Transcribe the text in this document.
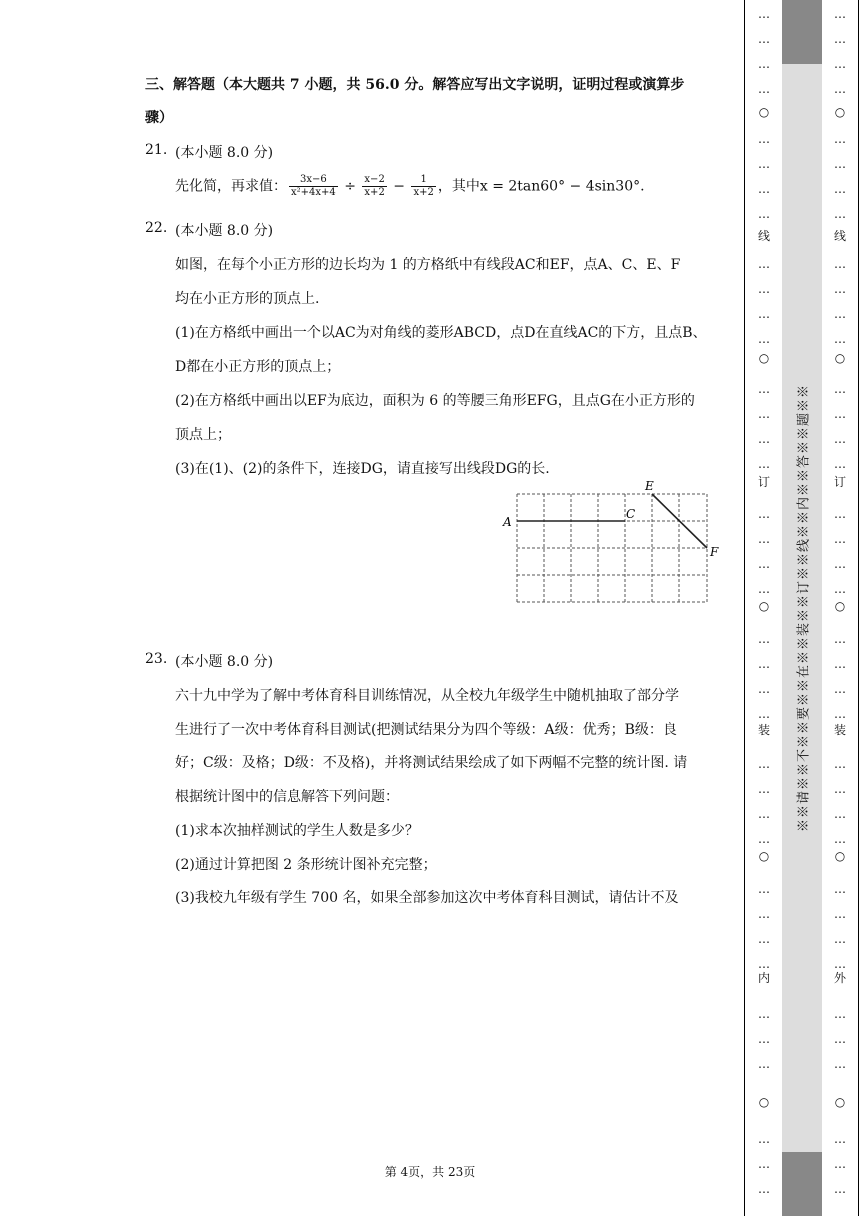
三、解答题（本大题共 7 小题，共 56.0 分。解答应写出文字说明，证明过程或演算步
骤）
21. (本小题 8.0 分)
先化简，再求值： $\frac{3x-6}{\text{x²+4x+4}} \div \frac{x-2}{x+2} - \frac{1}{x+2}$ ，其中x = 2tan60° − 4sin30°.
22. (本小题 8.0 分)
如图，在每个小正方形的边长均为 1 的方格纸中有线段AC和EF，点A、C、E、F
均在小正方形的顶点上.
(1)在方格纸中画出一个以AC为对角线的菱形ABCD，点D在直线AC的下方，且点B、
D都在小正方形的顶点上；
(2)在方格纸中画出以EF为底边，面积为 6 的等腰三角形EFG，且点G在小正方形的
顶点上；
(3)在(1)、(2)的条件下，连接DG，请直接写出线段DG的长.
23. (本小题 8.0 分)
六十九中学为了解中考体育科目训练情况，从全校九年级学生中随机抽取了部分学
生进行了一次中考体育科目测试(把测试结果分为四个等级：A级：优秀；B级：良
好；C级：及格；D级：不及格)，并将测试结果绘成了如下两幅不完整的统计图. 请
根据统计图中的信息解答下列问题：
(1)求本次抽样测试的学生人数是多少？
(2)通过计算把图 2 条形统计图补充完整；
(3)我校九年级有学生 700 名，如果全部参加这次中考体育科目测试，请估计不及
A
C
E
F
第 4页，共 23页
○
线
○
订
○
装
○
内
○
…
…
…
…
…
…
…
…
…
…
…
…
…
…
…
…
…
…
…
…
…
…
…
…
…
…
…
…
…
…
…
…
…
…
…
…
…
…
※※请※※不※※要※※在※※装※※订※※线※※内※※答※※题※※
○
线
○
订
○
装
○
外
○
…
…
…
…
…
…
…
…
…
…
…
…
…
…
…
…
…
…
…
…
…
…
…
…
…
…
…
…
…
…
…
…
…
…
…
…
…
…
